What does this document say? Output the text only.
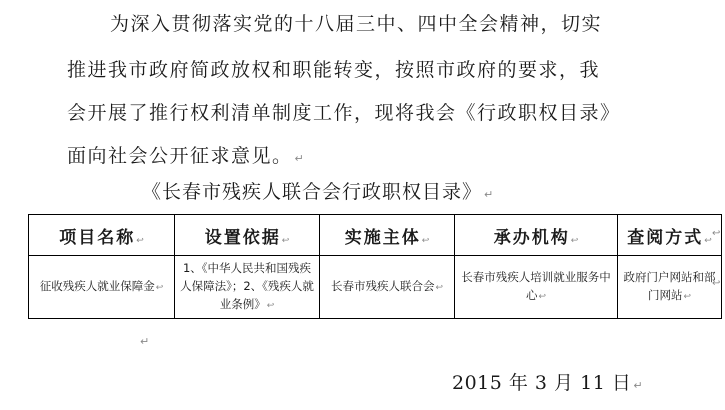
为深入贯彻落实党的十八届三中、四中全会精神，切实
推进我市政府简政放权和职能转变，按照市政府的要求，我
会开展了推行权利清单制度工作，现将我会《行政职权目录》
面向社会公开征求意见。 ↵
《长春市残疾人联合会行政职权目录》 ↵
项目名称↩	设置依据↩	实施主体↩	承办机构↩	查阅方式↩
征收残疾人就业保障金↩	1、《中华人民共和国残疾人保障法》；2、《残疾人就业条例》↩	长春市残疾人联合会↩	长春市残疾人培训就业服务中心↩	政府门户网站和部门网站↩
↩
↩
↵
2015 年 3 月 11 日 ↵
